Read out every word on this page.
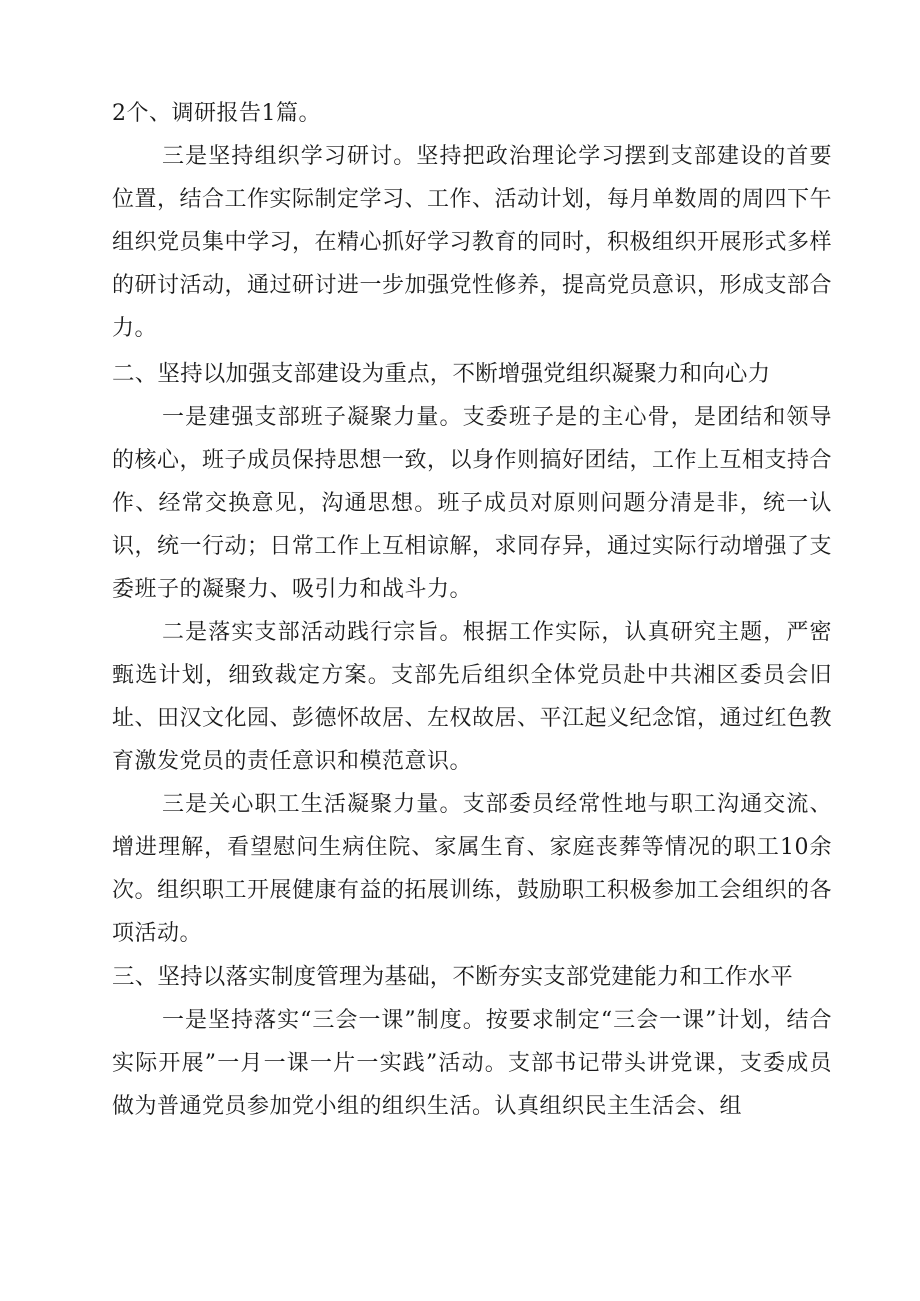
2个、调研报告1篇。

三是坚持组织学习研讨。坚持把政治理论学习摆到支部建设的首要位置，结合工作实际制定学习、工作、活动计划，每月单数周的周四下午组织党员集中学习，在精心抓好学习教育的同时，积极组织开展形式多样的研讨活动，通过研讨进一步加强党性修养，提高党员意识，形成支部合力。

二、坚持以加强支部建设为重点，不断增强党组织凝聚力和向心力

一是建强支部班子凝聚力量。支委班子是的主心骨，是团结和领导的核心，班子成员保持思想一致，以身作则搞好团结，工作上互相支持合作、经常交换意见，沟通思想。班子成员对原则问题分清是非，统一认识，统一行动；日常工作上互相谅解，求同存异，通过实际行动增强了支委班子的凝聚力、吸引力和战斗力。

二是落实支部活动践行宗旨。根据工作实际，认真研究主题，严密甄选计划，细致裁定方案。支部先后组织全体党员赴中共湘区委员会旧址、田汉文化园、彭德怀故居、左权故居、平江起义纪念馆，通过红色教育激发党员的责任意识和模范意识。

三是关心职工生活凝聚力量。支部委员经常性地与职工沟通交流、增进理解，看望慰问生病住院、家属生育、家庭丧葬等情况的职工10余次。组织职工开展健康有益的拓展训练，鼓励职工积极参加工会组织的各项活动。

三、坚持以落实制度管理为基础，不断夯实支部党建能力和工作水平

一是坚持落实“三会一课”制度。按要求制定“三会一课”计划，结合实际开展”一月一课一片一实践”活动。支部书记带头讲党课，支委成员做为普通党员参加党小组的组织生活。认真组织民主生活会、组
